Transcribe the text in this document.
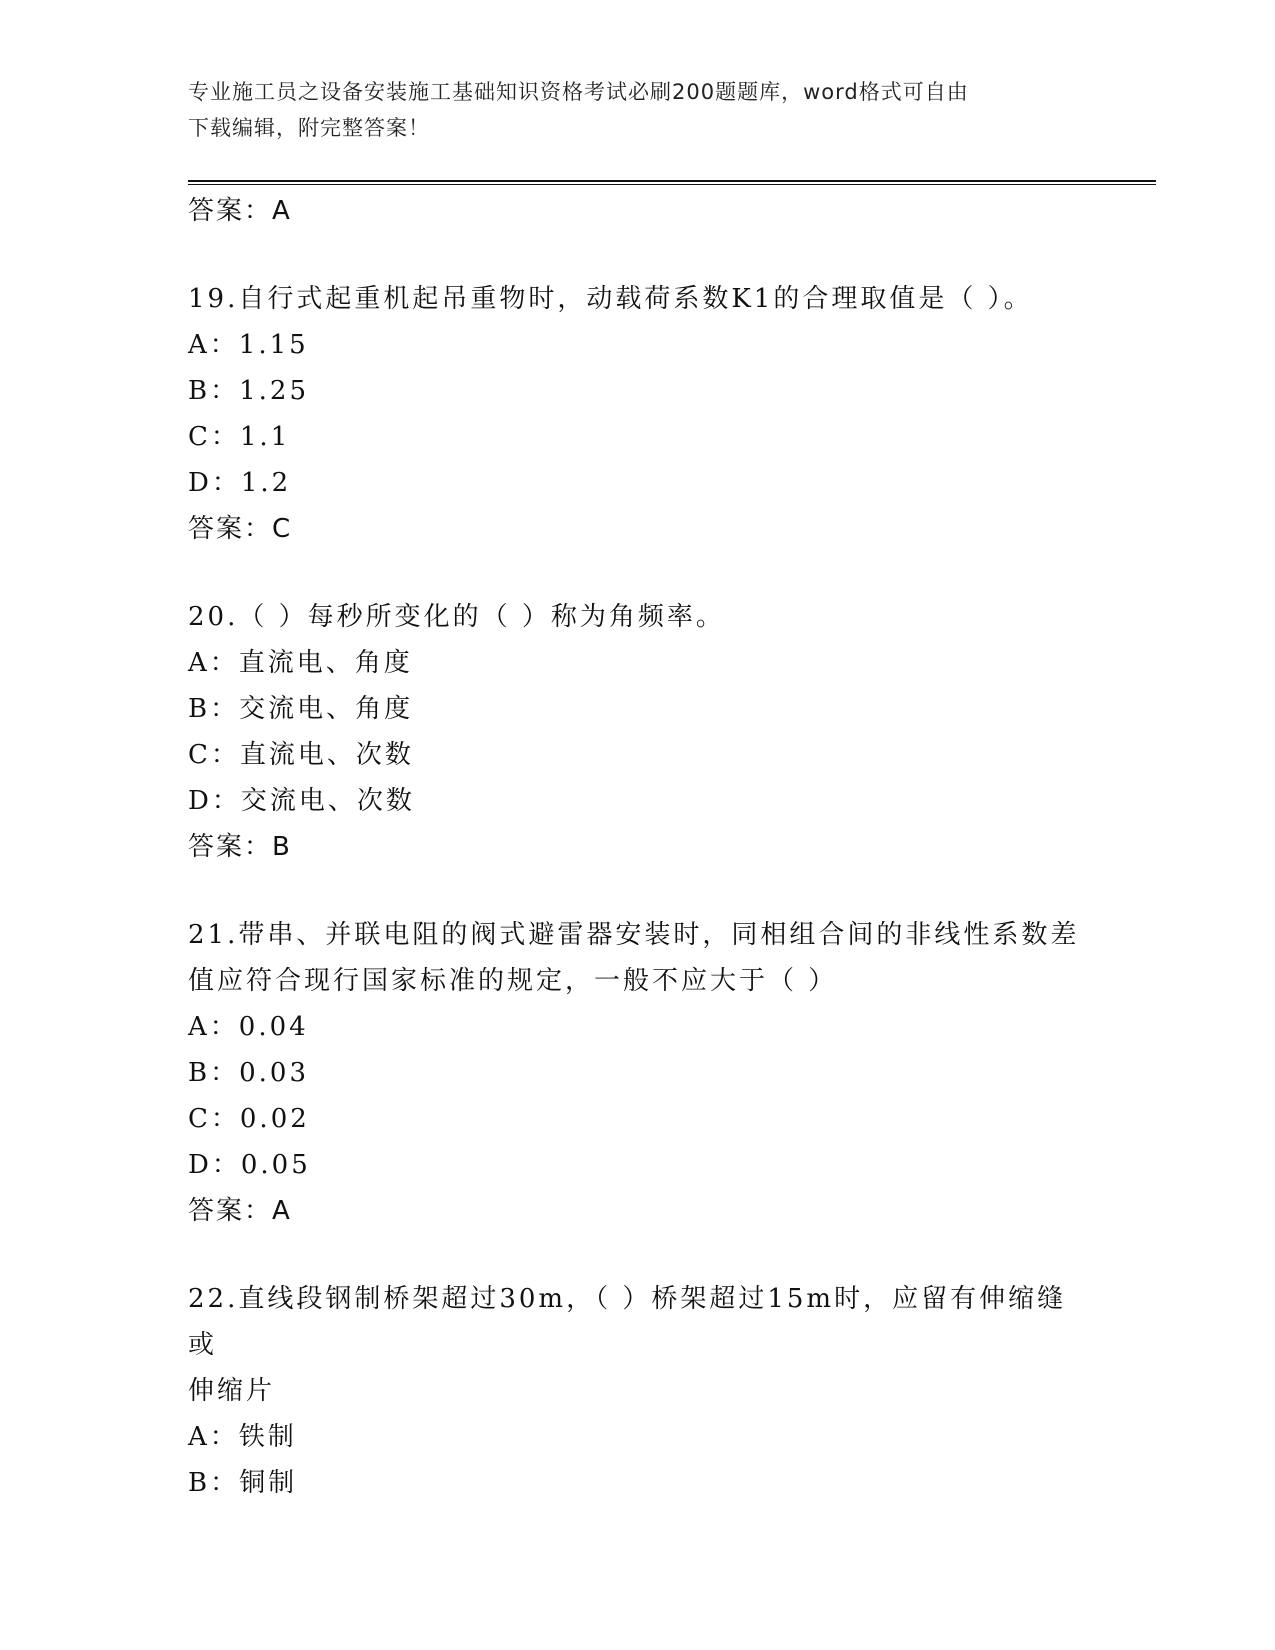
专业施工员之设备安装施工基础知识资格考试必刷200题题库，word格式可自由
下载编辑，附完整答案！
答案：A
19.自行式起重机起吊重物时，动载荷系数K1的合理取值是（ ）。
A：1.15
B：1.25
C：1.1
D：1.2
答案：C
20.（ ）每秒所变化的（ ）称为角频率。
A：直流电、角度
B：交流电、角度
C：直流电、次数
D：交流电、次数
答案：B
21.带串、并联电阻的阀式避雷器安装时，同相组合间的非线性系数差
值应符合现行国家标准的规定，一般不应大于（ ）
A：0.04
B：0.03
C：0.02
D：0.05
答案：A
22.直线段钢制桥架超过30m，（ ）桥架超过15m时，应留有伸缩缝或
伸缩片
A：铁制
B：铜制
